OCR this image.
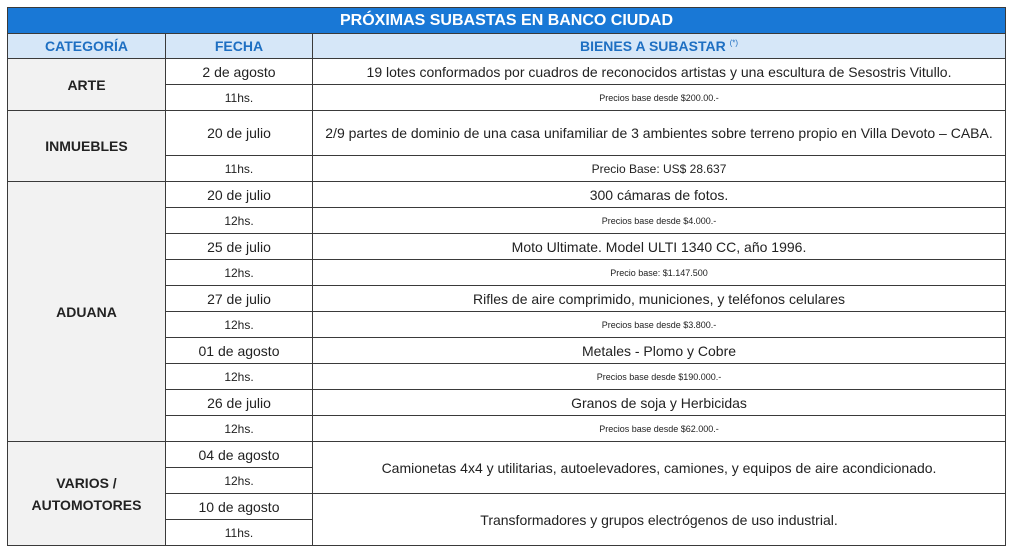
PRÓXIMAS SUBASTAS EN BANCO CIUDAD		
CATEGORÍA	FECHA	BIENES A SUBASTAR (*)
ARTE	2 de agosto	19 lotes conformados por cuadros de reconocidos artistas y una escultura de Sesostris Vitullo.
	11hs.	Precios base desde $200.00.-
INMUEBLES	20 de julio	2/9 partes de dominio de una casa unifamiliar de 3 ambientes sobre terreno propio en Villa Devoto – CABA.
	11hs.	Precio Base: US$ 28.637
ADUANA	20 de julio	300 cámaras de fotos.
	12hs.	Precios base desde $4.000.-
	25 de julio	Moto Ultimate. Model ULTI 1340 CC, año 1996.
	12hs.	Precio base: $1.147.500
	27 de julio	Rifles de aire comprimido, municiones, y teléfonos celulares
	12hs.	Precios base desde $3.800.-
	01 de agosto	Metales - Plomo y Cobre
	12hs.	Precios base desde $190.000.-
	26 de julio	Granos de soja y Herbicidas
	12hs.	Precios base desde $62.000.-
VARIOS /
AUTOMOTORES	04 de agosto	Camionetas 4x4 y utilitarias, autoelevadores, camiones, y equipos de aire acondicionado.
	12hs.	
	10 de agosto	Transformadores y grupos electrógenos de uso industrial.
	11hs.	
